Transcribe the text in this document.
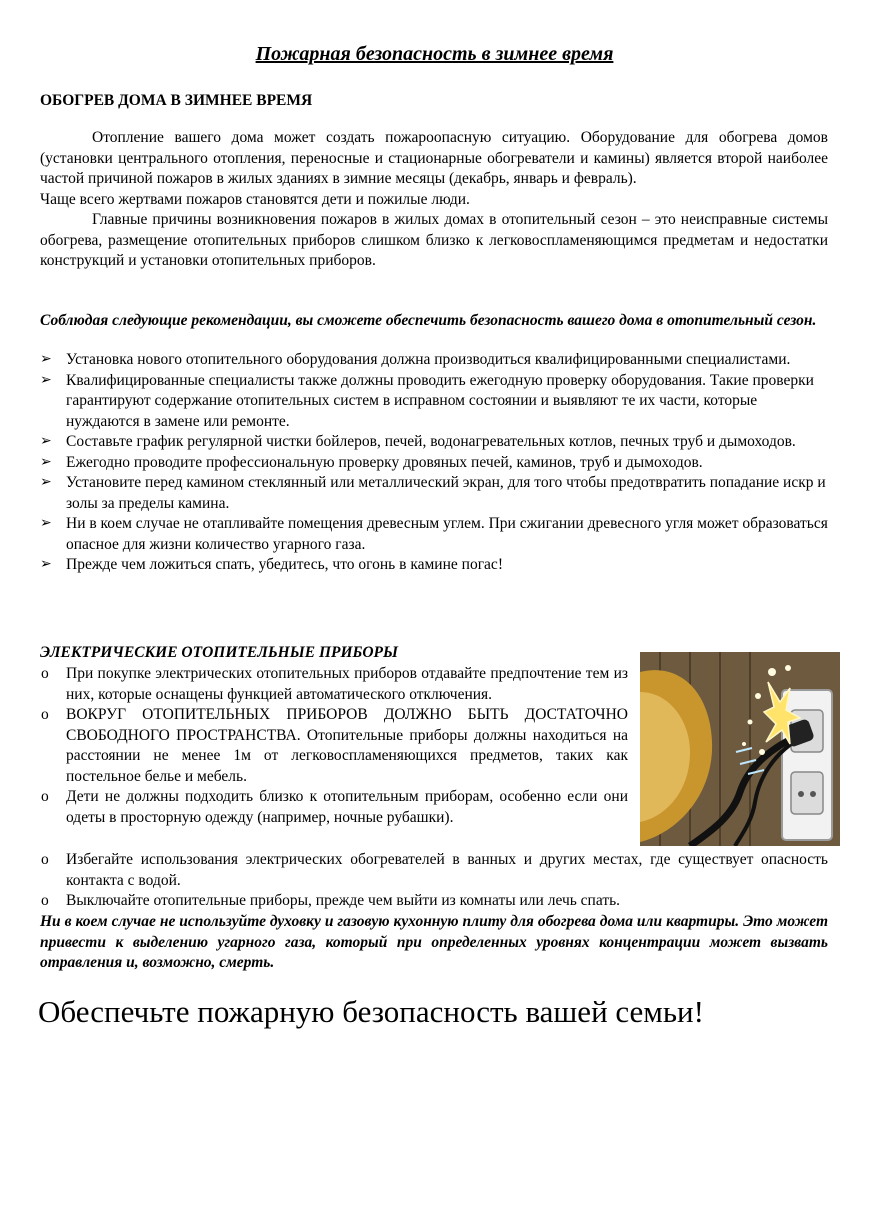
Пожарная безопасность в зимнее время
ОБОГРЕВ ДОМА В ЗИМНЕЕ ВРЕМЯ

Отопление вашего дома может создать пожароопасную ситуацию. Оборудование для обогрева домов (установки центрального отопления, переносные и стационарные обогреватели и камины) является второй наиболее частой причиной пожаров в жилых зданиях в зимние месяцы (декабрь, январь и февраль).

Чаще всего жертвами пожаров становятся дети и пожилые люди.

Главные причины возникновения пожаров в жилых домах в отопительный сезон – это неисправные системы обогрева, размещение отопительных приборов слишком близко к легковоспламеняющимся предметам и недостатки конструкций и установки отопительных приборов.

Соблюдая следующие рекомендации, вы сможете обеспечить безопасность вашего дома в отопительный сезон.
➢ Установка нового отопительного оборудования должна производиться квалифицированными специалистами.
➢ Квалифицированные специалисты также должны проводить ежегодную проверку оборудования. Такие проверки гарантируют содержание отопительных систем в исправном состоянии и выявляют те их части, которые нуждаются в замене или ремонте.
➢ Составьте график регулярной чистки бойлеров, печей, водонагревательных котлов, печных труб и дымоходов.
➢ Ежегодно проводите профессиональную проверку дровяных печей, каминов, труб и дымоходов.
➢ Установите перед камином стеклянный или металлический экран, для того чтобы предотвратить попадание искр и золы за пределы камина.
➢ Ни в коем случае не отапливайте помещения древесным углем. При сжигании древесного угля может образоваться опасное для жизни количество угарного газа.
➢ Прежде чем ложиться спать, убедитесь, что огонь в камине погас!
ЭЛЕКТРИЧЕСКИЕ ОТОПИТЕЛЬНЫЕ ПРИБОРЫ
o При покупке электрических отопительных приборов отдавайте предпочтение тем из них, которые оснащены функцией автоматического отключения.
o ВОКРУГ ОТОПИТЕЛЬНЫХ ПРИБОРОВ ДОЛЖНО БЫТЬ ДОСТАТОЧНО СВОБОДНОГО ПРОСТРАНСТВА. Отопительные приборы должны находиться на расстоянии не менее 1м от легковоспламеняющихся предметов, таких как постельное белье и мебель.
o Дети не должны подходить близко к отопительным приборам, особенно если они одеты в просторную одежду (например, ночные рубашки).
o Избегайте использования электрических обогревателей в ванных и других местах, где существует опасность контакта с водой.
o Выключайте отопительные приборы, прежде чем выйти из комнаты или лечь спать.
Ни в коем случае не используйте духовку и газовую кухонную плиту для обогрева дома или квартиры. Это может привести к выделению угарного газа, который при определенных уровнях концентрации может вызвать отравления и, возможно, смерть.
Обеспечьте пожарную безопасность вашей семьи!
